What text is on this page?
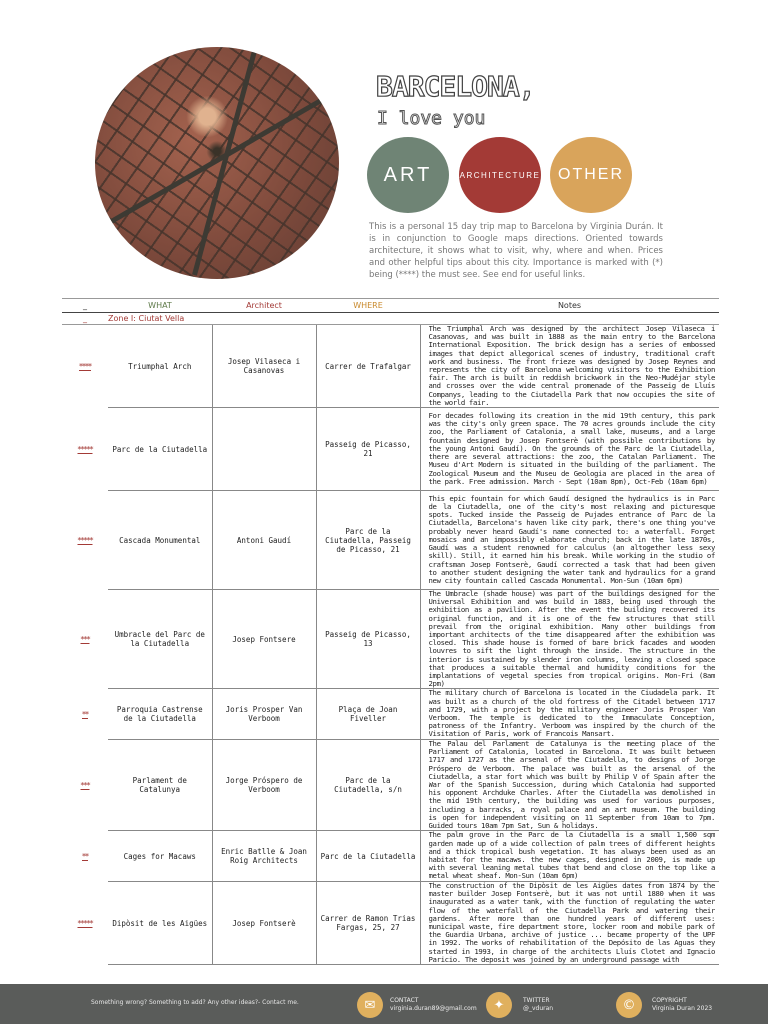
BARCELONA,
I love you
ART	ARCHITECTURE	OTHER
This is a personal 15 day trip map to Barcelona by Virginia Durán. It is in conjunction to Google maps directions. Oriented towards architecture, it shows what to visit, why, where and when. Prices and other helpful tips about this city. Importance is marked with (*) being (****) the must see. See end for useful links.
_	WHAT	Architect	WHERE	Notes
_	Zone I: Ciutat Vella			
****	Triumphal Arch	Josep Vilaseca i Casanovas	Carrer de Trafalgar	The Triumphal Arch was designed by the architect Josep Vilaseca i Casanovas, and was built in 1888 as the main entry to the Barcelona International Exposition. The brick design has a series of embossed images that depict allegorical scenes of industry, traditional craft work and business. The front frieze was designed by Josep Reynes and represents the city of Barcelona welcoming visitors to the Exhibition fair. The arch is built in reddish brickwork in the Neo-Mudéjar style and crosses over the wide central promenade of the Passeig de Lluís Companys, leading to the Ciutadella Park that now occupies the site of the world fair.

*****	Parc de la Ciutadella		Passeig de Picasso, 21	For decades following its creation in the mid 19th century, this park was the city's only green space. The 70 acres grounds include the city zoo, the Parliament of Catalonia, a small lake, museums, and a large fountain designed by Josep Fontserè (with possible contributions by the young Antoni Gaudí). On the grounds of the Parc de la Ciutadella, there are several attractions: the zoo, the Catalan Parliament. The Museu d'Art Modern is situated in the building of the parliament. The Zoological Museum and the Museu de Geologia are placed in the area of the park. Free admission. March - Sept (10am 8pm), Oct-Feb (10am 6pm)

*****	Cascada Monumental	Antoni Gaudí	Parc de la Ciutadella, Passeig de Picasso, 21	This epic fountain for which Gaudí designed the hydraulics is in Parc de la Ciutadella, one of the city's most relaxing and picturesque spots. Tucked inside the Passeig de Pujades entrance of Parc de la Ciutadella, Barcelona's haven like city park, there's one thing you've probably never heard Gaudí's name connected to: a waterfall. Forget mosaics and an impossibly elaborate church; back in the late 1870s, Gaudí was a student renowned for calculus (an altogether less sexy skill). Still, it earned him his break. While working in the studio of craftsman Josep Fontserè, Gaudí corrected a task that had been given to another student designing the water tank and hydraulics for a grand new city fountain called Cascada Monumental. Mon-Sun (10am 6pm)

***	Umbracle del Parc de la Ciutadella	Josep Fontsere	Passeig de Picasso, 13	The Umbracle (shade house) was part of the buildings designed for the Universal Exhibition and was build in 1883, being used through the exhibition as a pavilion. After the event the building recovered its original function, and it is one of the few structures that still prevail from the original exhibition. Many other buildings from important architects of the time disappeared after the exhibition was closed. This shade house is formed of bare brick facades and wooden louvres to sift the light through the inside. The structure in the interior is sustained by slender iron columns, leaving a closed space that produces a suitable thermal and humidity conditions for the implantations of vegetal species from tropical origins. Mon-Fri (8am 2pm)

**	Parroquia Castrense de la Ciutadella	Joris Prosper Van Verboom	Plaça de Joan Fiveller	The military church of Barcelona is located in the Ciudadela park. It was built as a church of the old fortress of the Citadel between 1717 and 1729, with a project by the military engineer Joris Prosper Van Verboom. The temple is dedicated to the Immaculate Conception, patroness of the Infantry. Verboom was inspired by the church of the Visitation of Paris, work of Francois Mansart.

***	Parlament de Catalunya	Jorge Próspero de Verboom	Parc de la Ciutadella, s/n	The Palau del Parlament de Catalunya is the meeting place of the Parliament of Catalonia, located in Barcelona. It was built between 1717 and 1727 as the arsenal of the Ciutadella, to designs of Jorge Próspero de Verboom. The palace was built as the arsenal of the Ciutadella, a star fort which was built by Philip V of Spain after the War of the Spanish Succession, during which Catalonia had supported his opponent Archduke Charles. After the Ciutadella was demolished in the mid 19th century, the building was used for various purposes, including a barracks, a royal palace and an art museum. The building is open for independent visiting on 11 September from 10am to 7pm. Guided tours 10am 7pm Sat, Sun & holidays.

**	Cages for Macaws	Enric Batlle & Joan Roig Architects	Parc de la Ciutadella	The palm grove in the Parc de la Ciutadella is a small 1,500 sqm garden made up of a wide collection of palm trees of different heights and a thick tropical bush vegetation. It has always been used as an habitat for the macaws. the new cages, designed in 2009, is made up with several leaning metal tubes that bend and close on the top like a metal wheat sheaf. Mon-Sun (10am 6pm)

*****	Dipòsit de les Aigües	Josep Fontserè	Carrer de Ramon Trias Fargas, 25, 27	The construction of the Dipòsit de les Aigües dates from 1874 by the master builder Josep Fontserè, but it was not until 1880 when it was inaugurated as a water tank, with the function of regulating the water flow of the waterfall of the Ciutadella Park and watering their gardens. After more than one hundred years of different uses: municipal waste, fire department store, locker room and mobile park of the Guardia Urbana, archive of justice ... became property of the UPF in 1992. The works of rehabilitation of the Depósito de las Aguas they started in 1993, in charge of the architects Lluís Clotet and Ignacio Paricio. The deposit was joined by an underground passage with
Something wrong? Something to add? Any other ideas?- Contact me.	✉	CONTACT
virginia.duran89@gmail.com	✦	TWITTER
@_vduran	©	COPYRIGHT
Virginia Duran 2023
